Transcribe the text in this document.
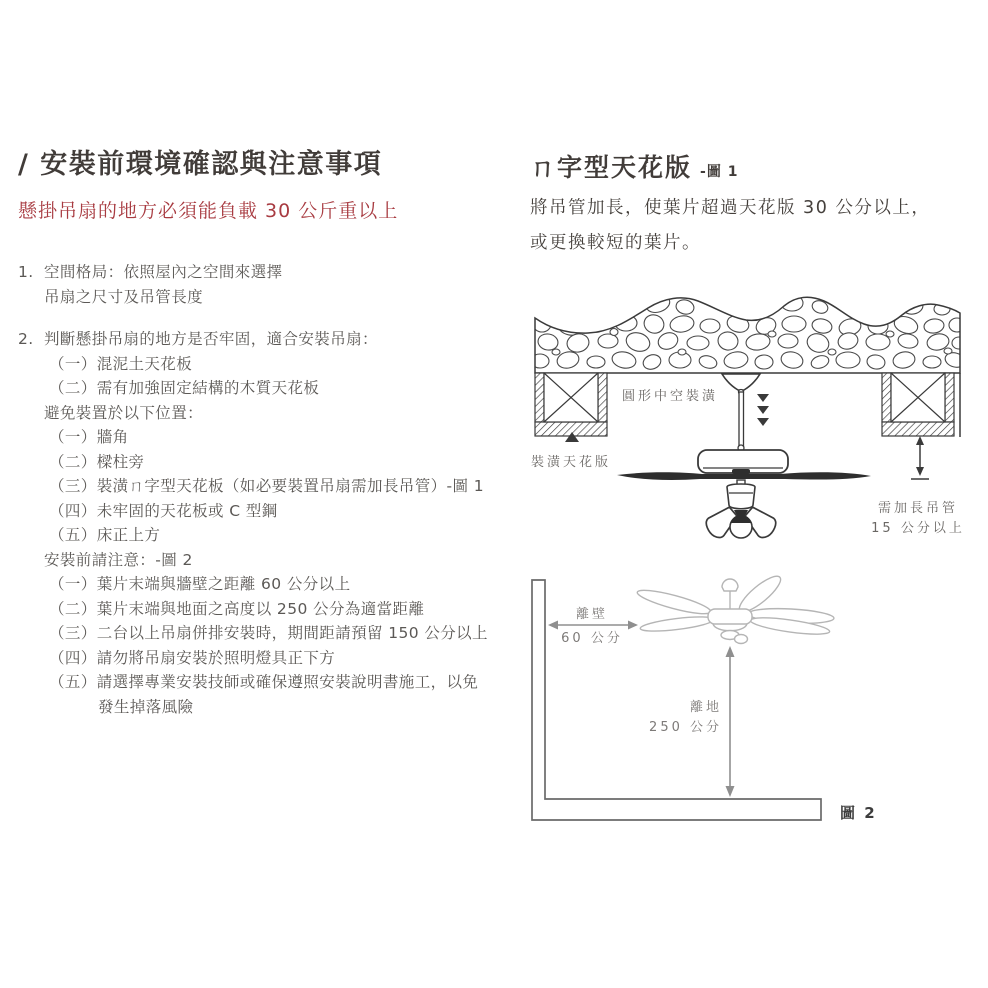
/ 安裝前環境確認與注意事項
懸掛吊扇的地方必須能負載 30 公斤重以上
1. 空間格局：依照屋內之空間來選擇
吊扇之尺寸及吊管長度
2. 判斷懸掛吊扇的地方是否牢固，適合安裝吊扇：
（一）混泥土天花板
（二）需有加強固定結構的木質天花板
避免裝置於以下位置：
（一）牆角
（二）樑柱旁
（三）裝潢ㄇ字型天花板（如必要裝置吊扇需加長吊管）-圖 1
（四）未牢固的天花板或 C 型鋼
（五）床正上方
安裝前請注意：-圖 2
（一）葉片末端與牆壁之距離 60 公分以上
（二）葉片末端與地面之高度以 250 公分為適當距離
（三）二台以上吊扇併排安裝時，期間距請預留 150 公分以上
（四）請勿將吊扇安裝於照明燈具正下方
（五）請選擇專業安裝技師或確保遵照安裝說明書施工，以免
發生掉落風險
ㄇ字型天花版 -圖 1
將吊管加長，使葉片超過天花版 30 公分以上，
或更換較短的葉片。
圓形中空裝潢
裝潢天花版
需加長吊管
15 公分以上
離壁
60 公分
離地
250 公分
圖 2
